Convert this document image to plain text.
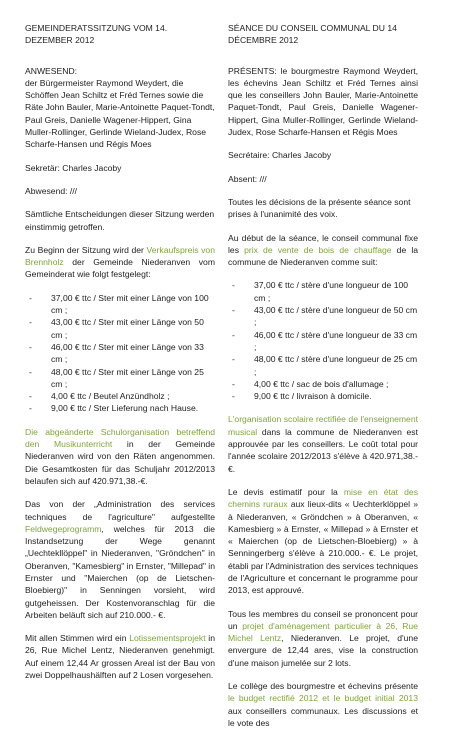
GEMEINDERATSSITZUNG VOM 14. DEZEMBER 2012

ANWESEND:
der Bürgermeister Raymond Weydert, die Schöffen Jean Schiltz et Fréd Ternes sowie die Räte John Bauler, Marie-Antoinette Paquet-Tondt, Paul Greis, Danielle Wagener-Hippert, Gina Muller-Rollinger, Gerlinde Wieland-Judex, Rose Scharfe-Hansen und Régis Moes

Sekretär: Charles Jacoby

Abwesend: ///

Sämtliche Entscheidungen dieser Sitzung werden einstimmig getroffen.

Zu Beginn der Sitzung wird der Verkaufspreis von Brennholz der Gemeinde Niederanven vom Gemeinderat wie folgt festgelegt:

- 37,00 € ttc / Ster mit einer Länge von 100 cm ;
- 43,00 € ttc / Ster mit einer Länge von 50 cm ;
- 46,00 € ttc / Ster mit einer Länge von 33 cm ;
- 48,00 € ttc / Ster mit einer Länge von 25 cm ;
- 4,00 € ttc / Beutel Anzündholz ;
- 9,00 € ttc / Ster Lieferung nach Hause.

Die abgeänderte Schulorganisation betreffend den Musikunterricht in der Gemeinde Niederanven wird von den Räten angenommen. Die Gesamtkosten für das Schuljahr 2012/2013 belaufen sich auf 420.971,38.-€.

Das von der „Administration des services techniques de l'agriculture" aufgestellte Feldwegeprogramm, welches für 2013 die Instandsetzung der Wege genannt „Uechtekllöppel" in Niederanven, "Gröndchen" in Oberanven, "Kamesbierg" in Ernster, "Millepad" in Ernster und "Maierchen (op de Lietschen-Bloebierg)" in Senningen vorsieht, wird gutgeheissen. Der Kostenvoranschlag für die Arbeiten beläuft sich auf 210.000.- €.

Mit allen Stimmen wird ein Lotissementsprojekt in 26, Rue Michel Lentz, Niederanven genehmigt. Auf einem 12,44 Ar grossen Areal ist der Bau von zwei Doppelhaushälften auf 2 Losen vorgesehen.

SÉANCE DU CONSEIL COMMUNAL DU 14 DÉCEMBRE 2012

PRÉSENTS: le bourgmestre Raymond Weydert, les échevins Jean Schiltz et Fréd Ternes ainsi que les conseillers John Bauler, Marie-Antoinette Paquet-Tondt, Paul Greis, Danielle Wagener-Hippert, Gina Muller-Rollinger, Gerlinde Wieland-Judex, Rose Scharfe-Hansen et Régis Moes

Secrétaire: Charles Jacoby

Absent: ///

Toutes les décisions de la présente séance sont prises à l'unanimité des voix.

Au début de la séance, le conseil communal fixe les prix de vente de bois de chauffage de la commune de Niederanven comme suit:

- 37,00 € ttc / stère d'une longueur de 100 cm ;
- 43,00 € ttc / stère d'une longueur de 50 cm ;
- 46,00 € ttc / stère d'une longueur de 33 cm ;
- 48,00 € ttc / stère d'une longueur de 25 cm ;
- 4,00 € ttc / sac de bois d'allumage ;
- 9,00 € ttc / livraison à domicile.

L'organisation scolaire rectifiée de l'enseignement musical dans la commune de Niederanven est approuvée par les conseillers. Le coût total pour l'année scolaire 2012/2013 s'élève à 420.971,38.-€.

Le devis estimatif pour la mise en état des chemins ruraux aux lieux-dits « Uechterklöppel » à Niederanven, « Gröndchen » à Oberanven, « Kamesbierg » à Ernster, « Millepad » à Ernster et « Maierchen (op de Lietschen-Bloebierg) » à Senningerberg s'élève à 210.000.- €. Le projet, établi par l'Administration des services techniques de l'Agriculture et concernant le programme pour 2013, est approuvé.

Tous les membres du conseil se prononcent pour un projet d'aménagement particulier à 26, Rue Michel Lentz, Niederanven. Le projet, d'une envergure de 12,44 ares, vise la construction d'une maison jumelée sur 2 lots.

Le collège des bourgmestre et échevins présente le budget rectifié 2012 et le budget initial 2013 aux conseillers communaux. Les discussions et le vote des
